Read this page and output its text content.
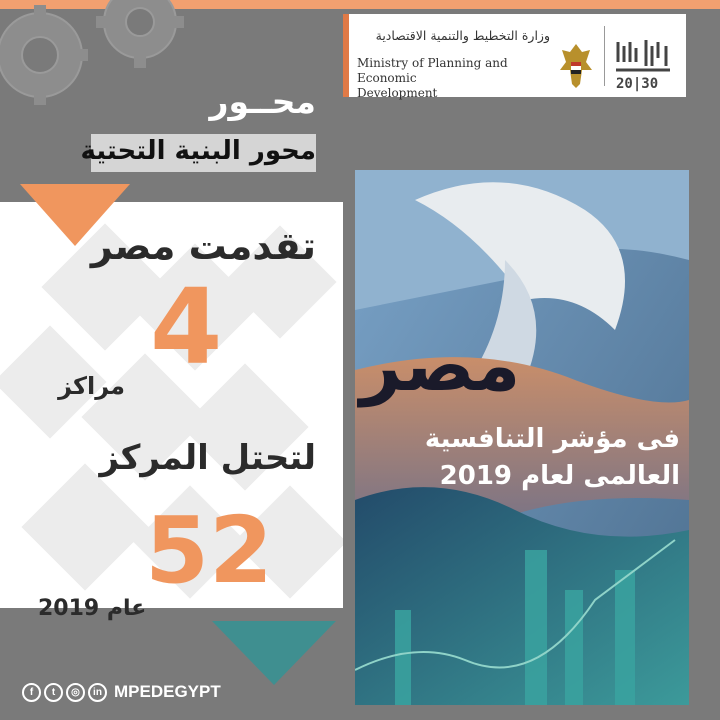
وزارة التخطيط والتنمية الاقتصادية
Ministry of Planning and Economic
Development
20|30
محــور
محور البنية التحتية
تقدمت مصر
4
مراكز
لتحتل المركز
52
عام 2019
مصر
فى مؤشر التنافسية
العالمى لعام 2019
f	t	◎	in MPEDEGYPT
